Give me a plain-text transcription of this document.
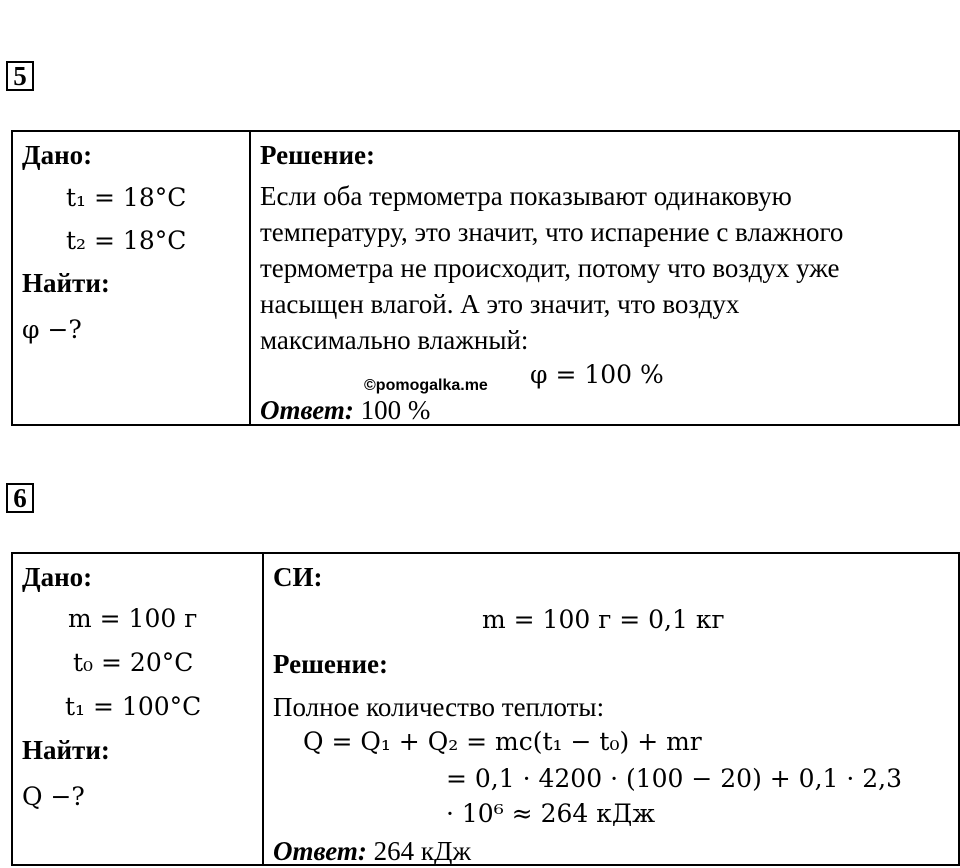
5
Дано:
t₁ = 18°C
t₂ = 18°C
Найти:
φ −?
Решение:
Если оба термометра показывают одинаковую
температуру, это значит, что испарение с влажного
термометра не происходит, потому что воздух уже
насыщен влагой. А это значит, что воздух
максимально влажный:
φ = 100 %
©pomogalka.me
Ответ: 100 %
6
Дано:
m = 100 г
t₀ = 20°C
t₁ = 100°C
Найти:
Q −?
СИ:
m = 100 г = 0,1 кг
Решение:
Полное количество теплоты:
Q = Q₁ + Q₂ = mc(t₁ − t₀) + mr
= 0,1 · 4200 · (100 − 20) + 0,1 · 2,3
· 10⁶ ≈ 264 кДж
Ответ: 264 кДж
